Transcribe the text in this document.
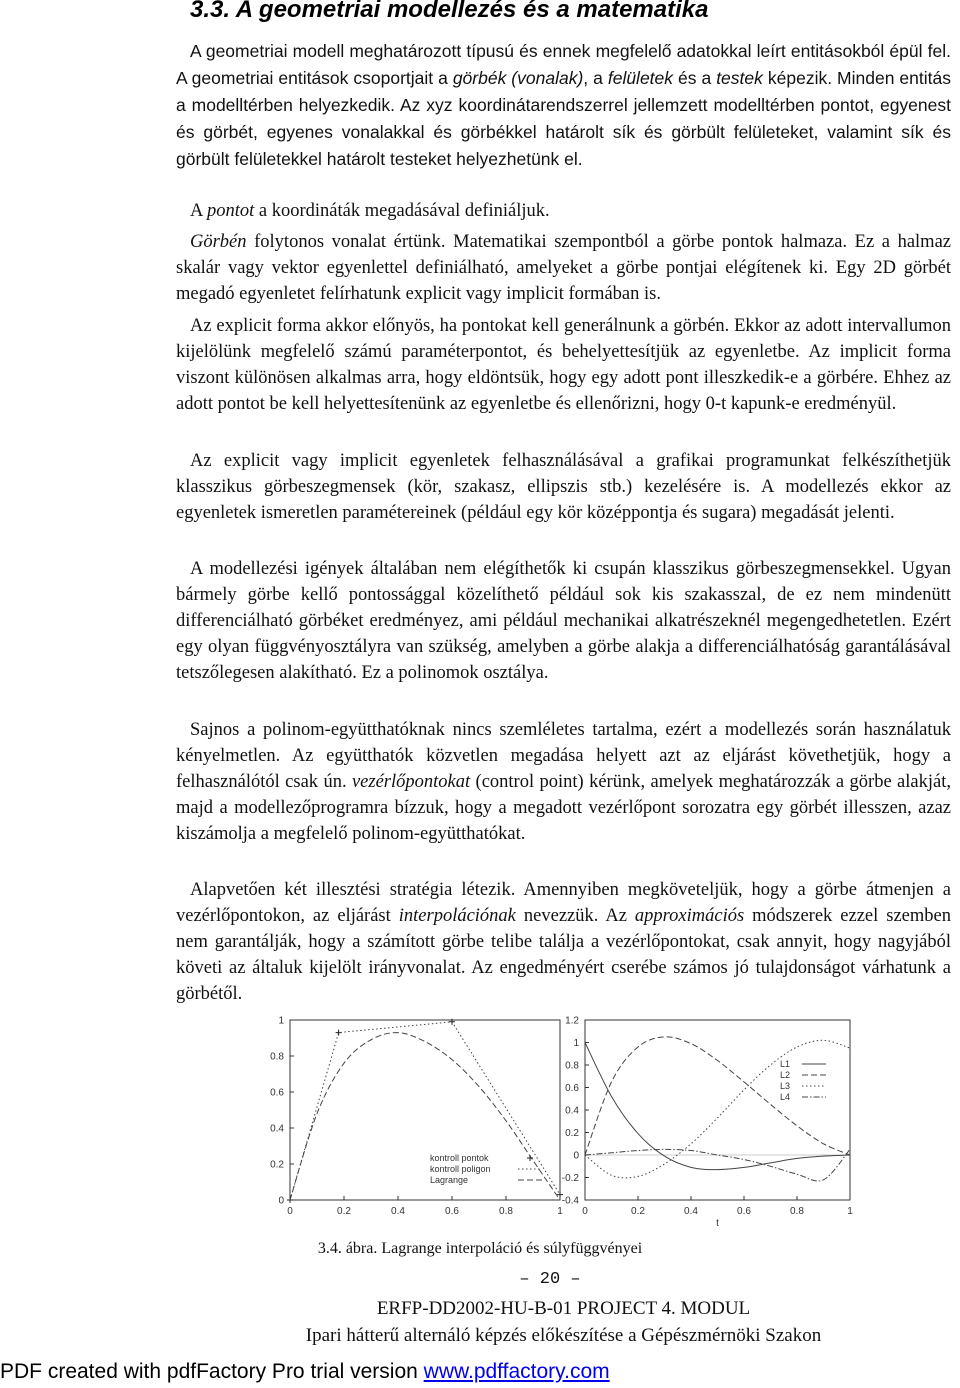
3.3. A geometriai modellezés és a matematika

A geometriai modell meghatározott típusú és ennek megfelelő adatokkal leírt entitásokból épül fel. A geometriai entitások csoportjait a görbék (vonalak), a felületek és a testek képezik. Minden entitás a modelltérben helyezkedik. Az xyz koordinátarendszerrel jellemzett modelltérben pontot, egyenest és görbét, egyenes vonalakkal és görbékkel határolt sík és görbült felületeket, valamint sík és görbült felületekkel határolt testeket helyezhetünk el.

A pontot a koordináták megadásával definiáljuk.

Görbén folytonos vonalat értünk. Matematikai szempontból a görbe pontok halmaza. Ez a halmaz skalár vagy vektor egyenlettel definiálható, amelyeket a görbe pontjai elégítenek ki. Egy 2D görbét megadó egyenletet felírhatunk explicit vagy implicit formában is.

Az explicit forma akkor előnyös, ha pontokat kell generálnunk a görbén. Ekkor az adott intervallumon kijelölünk megfelelő számú paraméterpontot, és behelyettesítjük az egyenletbe. Az implicit forma viszont különösen alkalmas arra, hogy eldöntsük, hogy egy adott pont illeszkedik-e a görbére. Ehhez az adott pontot be kell helyettesítenünk az egyenletbe és ellenőrizni, hogy 0-t kapunk-e eredményül.

Az explicit vagy implicit egyenletek felhasználásával a grafikai programunkat felkészíthetjük klasszikus görbeszegmensek (kör, szakasz, ellipszis stb.) kezelésére is. A modellezés ekkor az egyenletek ismeretlen paramétereinek (például egy kör középpontja és sugara) megadását jelenti.

A modellezési igények általában nem elégíthetők ki csupán klasszikus görbeszegmensekkel. Ugyan bármely görbe kellő pontossággal közelíthető például sok kis szakasszal, de ez nem mindenütt differenciálható görbéket eredményez, ami például mechanikai alkatrészeknél megengedhetetlen. Ezért egy olyan függvényosztályra van szükség, amelyben a görbe alakja a differenciálhatóság garantálásával tetszőlegesen alakítható. Ez a polinomok osztálya.

Sajnos a polinom-együtthatóknak nincs szemléletes tartalma, ezért a modellezés során használatuk kényelmetlen. Az együtthatók közvetlen megadása helyett azt az eljárást követhetjük, hogy a felhasználótól csak ún. vezérlőpontokat (control point) kérünk, amelyek meghatározzák a görbe alakját, majd a modellezőprogramra bízzuk, hogy a megadott vezérlőpont sorozatra egy görbét illesszen, azaz kiszámolja a megfelelő polinom-együtthatókat.

Alapvetően két illesztési stratégia létezik. Amennyiben megköveteljük, hogy a görbe átmenjen a vezérlőpontokon, az eljárást interpolációnak nevezzük. Az approximációs módszerek ezzel szemben nem garantálják, hogy a számított görbe telibe találja a vezérlőpontokat, csak annyit, hogy nagyjából követi az általuk kijelölt irányvonalat. Az engedményért cserébe számos jó tulajdonságot várhatunk a görbétől.

0	0.2	0.4	0.6	0.8	1
0
0.2
0.4
0.6
0.8
1
kontroll pontok
kontroll poligon
Lagrange
0	0.2	0.4	0.6	0.8	1
1.2
1
0.8
0.6
0.4
0.2
0
-0.2
-0.4
t
L1
L2
L3
L4
3.4. ábra. Lagrange interpoláció és súlyfüggvényei
– 20 –
ERFP-DD2002-HU-B-01 PROJECT 4. MODUL
Ipari hátterű alternáló képzés előkészítése a Gépészmérnöki Szakon
PDF created with pdfFactory Pro trial version www.pdffactory.com
